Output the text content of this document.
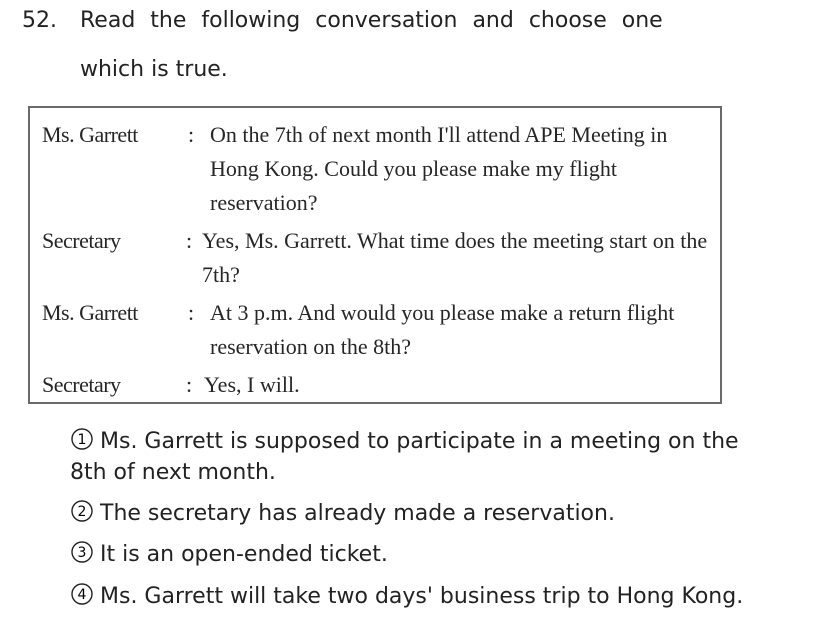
52. Read the following conversation and choose one
which is true.
Ms. Garrett : On the 7th of next month I'll attend APE Meeting in Hong Kong. Could you please make my flight reservation?
Secretary	: Yes, Ms. Garrett. What time does the meeting start on the 7th?
Ms. Garrett : At 3 p.m. And would you please make a return flight reservation on the 8th?
Secretary	: Yes, I will.
1 Ms. Garrett is supposed to participate in a meeting on the 8th of next month.
2 The secretary has already made a reservation.
3 It is an open-ended ticket.
4 Ms. Garrett will take two days' business trip to Hong Kong.
